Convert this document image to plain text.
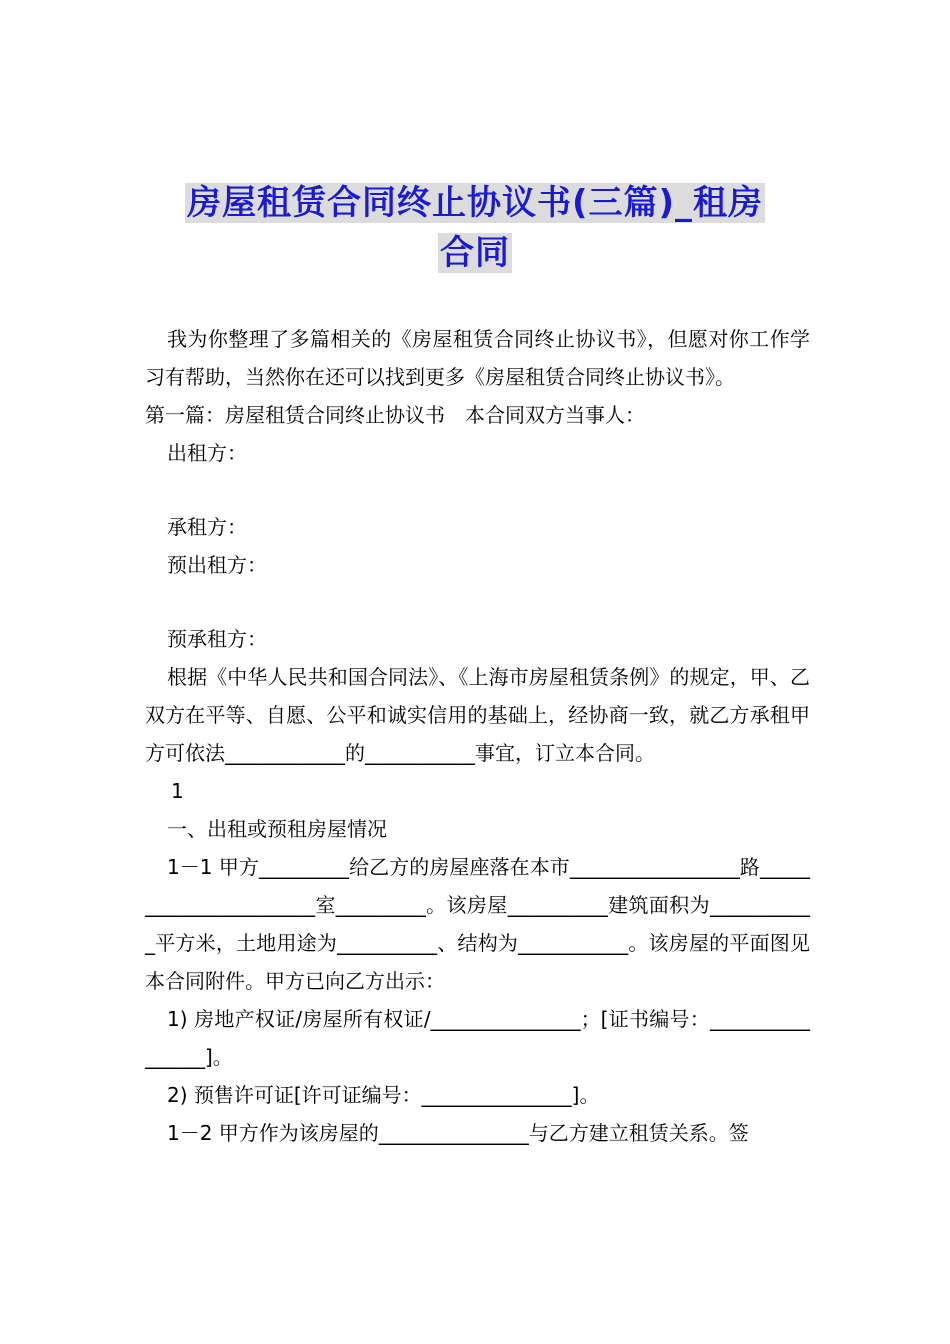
房屋租赁合同终止协议书(三篇)_租房
合同

我为你整理了多篇相关的《房屋租赁合同终止协议书》，但愿对你工作学习有帮助，当然你在还可以找到更多《房屋租赁合同终止协议书》。

第一篇：房屋租赁合同终止协议书　本合同双方当事人：

出租方：

承租方：

预出租方：

预承租方：

根据《中华人民共和国合同法》、《上海市房屋租赁条例》的规定，甲、乙双方在平等、自愿、公平和诚实信用的基础上，经协商一致，就乙方承租甲方可依法____________的___________事宜，订立本合同。

1

一、出租或预租房屋情况

1－1 甲方_________给乙方的房屋座落在本市_________________路______________________室_________。该房屋__________建筑面积为___________平方米，土地用途为__________、结构为___________。该房屋的平面图见本合同附件。甲方已向乙方出示：

1) 房地产权证/房屋所有权证/_______________；[证书编号：________________]。

2) 预售许可证[许可证编号：_______________]。

1－2 甲方作为该房屋的_______________与乙方建立租赁关系。签
